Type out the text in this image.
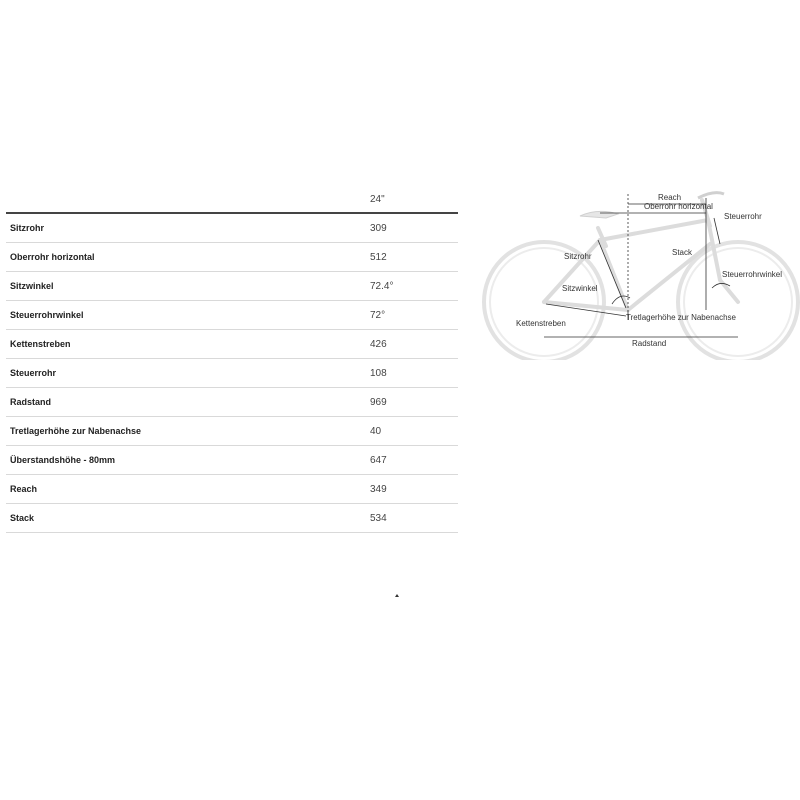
24"
Sitzrohr	309
Oberrohr horizontal	512
Sitzwinkel	72.4°
Steuerrohrwinkel	72°
Kettenstreben	426
Steuerrohr	108
Radstand	969
Tretlagerhöhe zur Nabenachse	40
Überstandshöhe - 80mm	647
Reach	349
Stack	534
Reach
Oberrohr horizontal
Steuerrohr
Sitzrohr	Stack
Steuerrohrwinkel
Sitzwinkel
Kettenstreben
Tretlagerhöhe zur Nabenachse
Radstand
